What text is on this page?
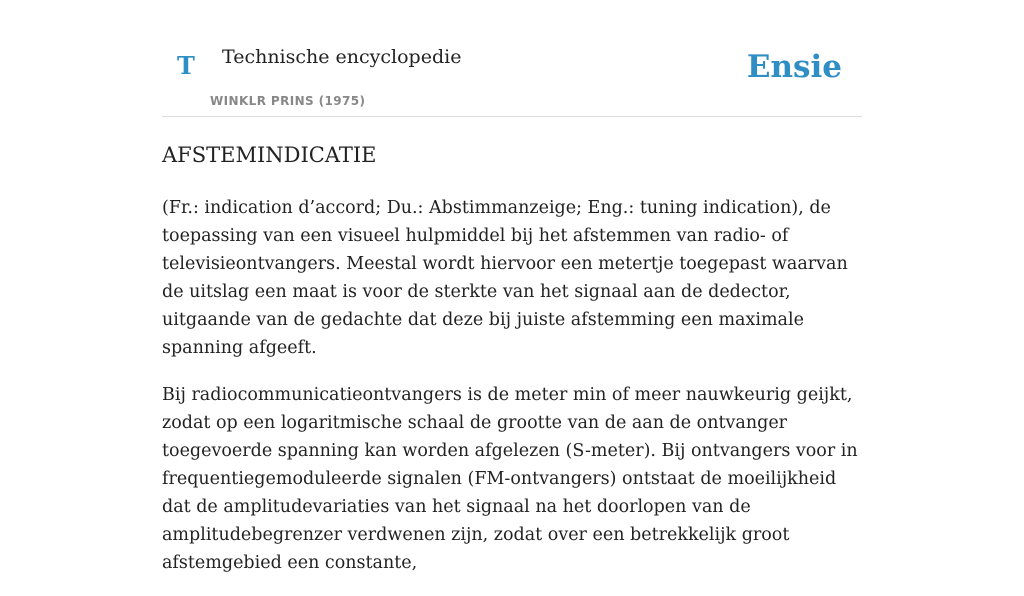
T Technische encyclopedie
WINKLR PRINS (1975)
Ensie
AFSTEMINDICATIE

(Fr.: indication d’accord; Du.: Abstimmanzeige; Eng.: tuning indication), de toepassing van een visueel hulpmiddel bij het afstemmen van radio- of televisieontvangers. Meestal wordt hiervoor een metertje toegepast waarvan de uitslag een maat is voor de sterkte van het signaal aan de dedector, uitgaande van de gedachte dat deze bij juiste afstemming een maximale spanning afgeeft.

Bij radiocommunicatieontvangers is de meter min of meer nauwkeurig geijkt, zodat op een logaritmische schaal de grootte van de aan de ontvanger toegevoerde spanning kan worden afgelezen (S-meter). Bij ontvangers voor in frequentiegemoduleerde signalen (FM-ontvangers) ontstaat de moeilijkheid dat de amplitudevariaties van het signaal na het doorlopen van de amplitudebegrenzer verdwenen zijn, zodat over een betrekkelijk groot afstemgebied een constante,
